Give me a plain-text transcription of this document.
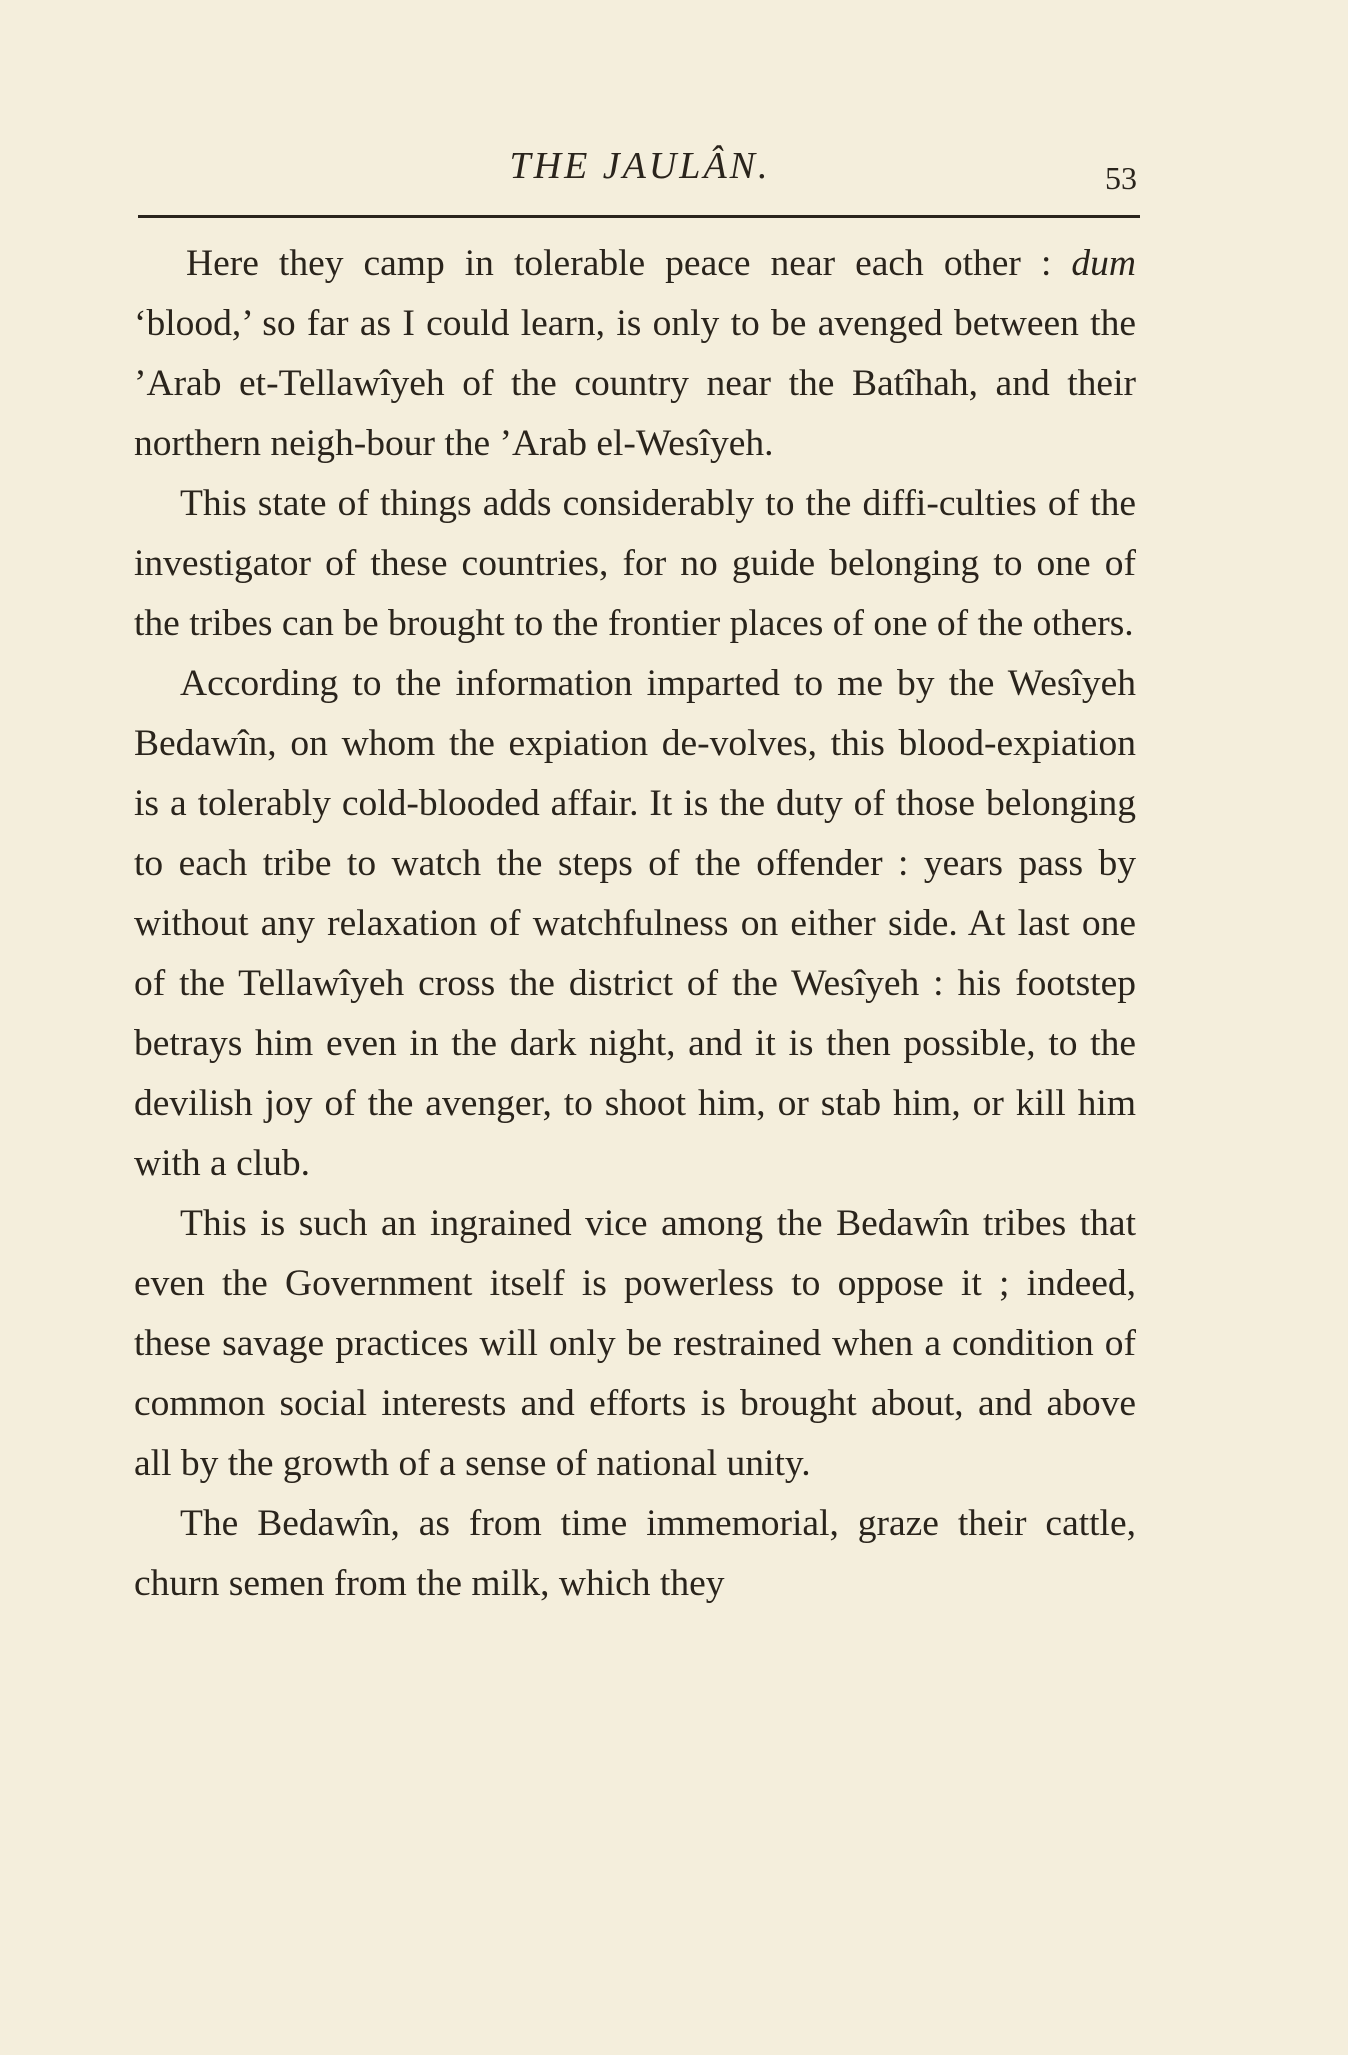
THE JAULÂN.	53

Here they camp in tolerable peace near each other : dum ‘blood,’ so far as I could learn, is only to be avenged between the ’Arab et-Tellawîyeh of the country near the Batîhah, and their northern neigh-bour the ’Arab el-Wesîyeh.

This state of things adds considerably to the diffi-culties of the investigator of these countries, for no guide belonging to one of the tribes can be brought to the frontier places of one of the others.

According to the information imparted to me by the Wesîyeh Bedawîn, on whom the expiation de-volves, this blood-expiation is a tolerably cold-blooded affair. It is the duty of those belonging to each tribe to watch the steps of the offender : years pass by without any relaxation of watchfulness on either side. At last one of the Tellawîyeh cross the district of the Wesîyeh : his footstep betrays him even in the dark night, and it is then possible, to the devilish joy of the avenger, to shoot him, or stab him, or kill him with a club.

This is such an ingrained vice among the Bedawîn tribes that even the Government itself is powerless to oppose it ; indeed, these savage practices will only be restrained when a condition of common social interests and efforts is brought about, and above all by the growth of a sense of national unity.

The Bedawîn, as from time immemorial, graze their cattle, churn semen from the milk, which they
